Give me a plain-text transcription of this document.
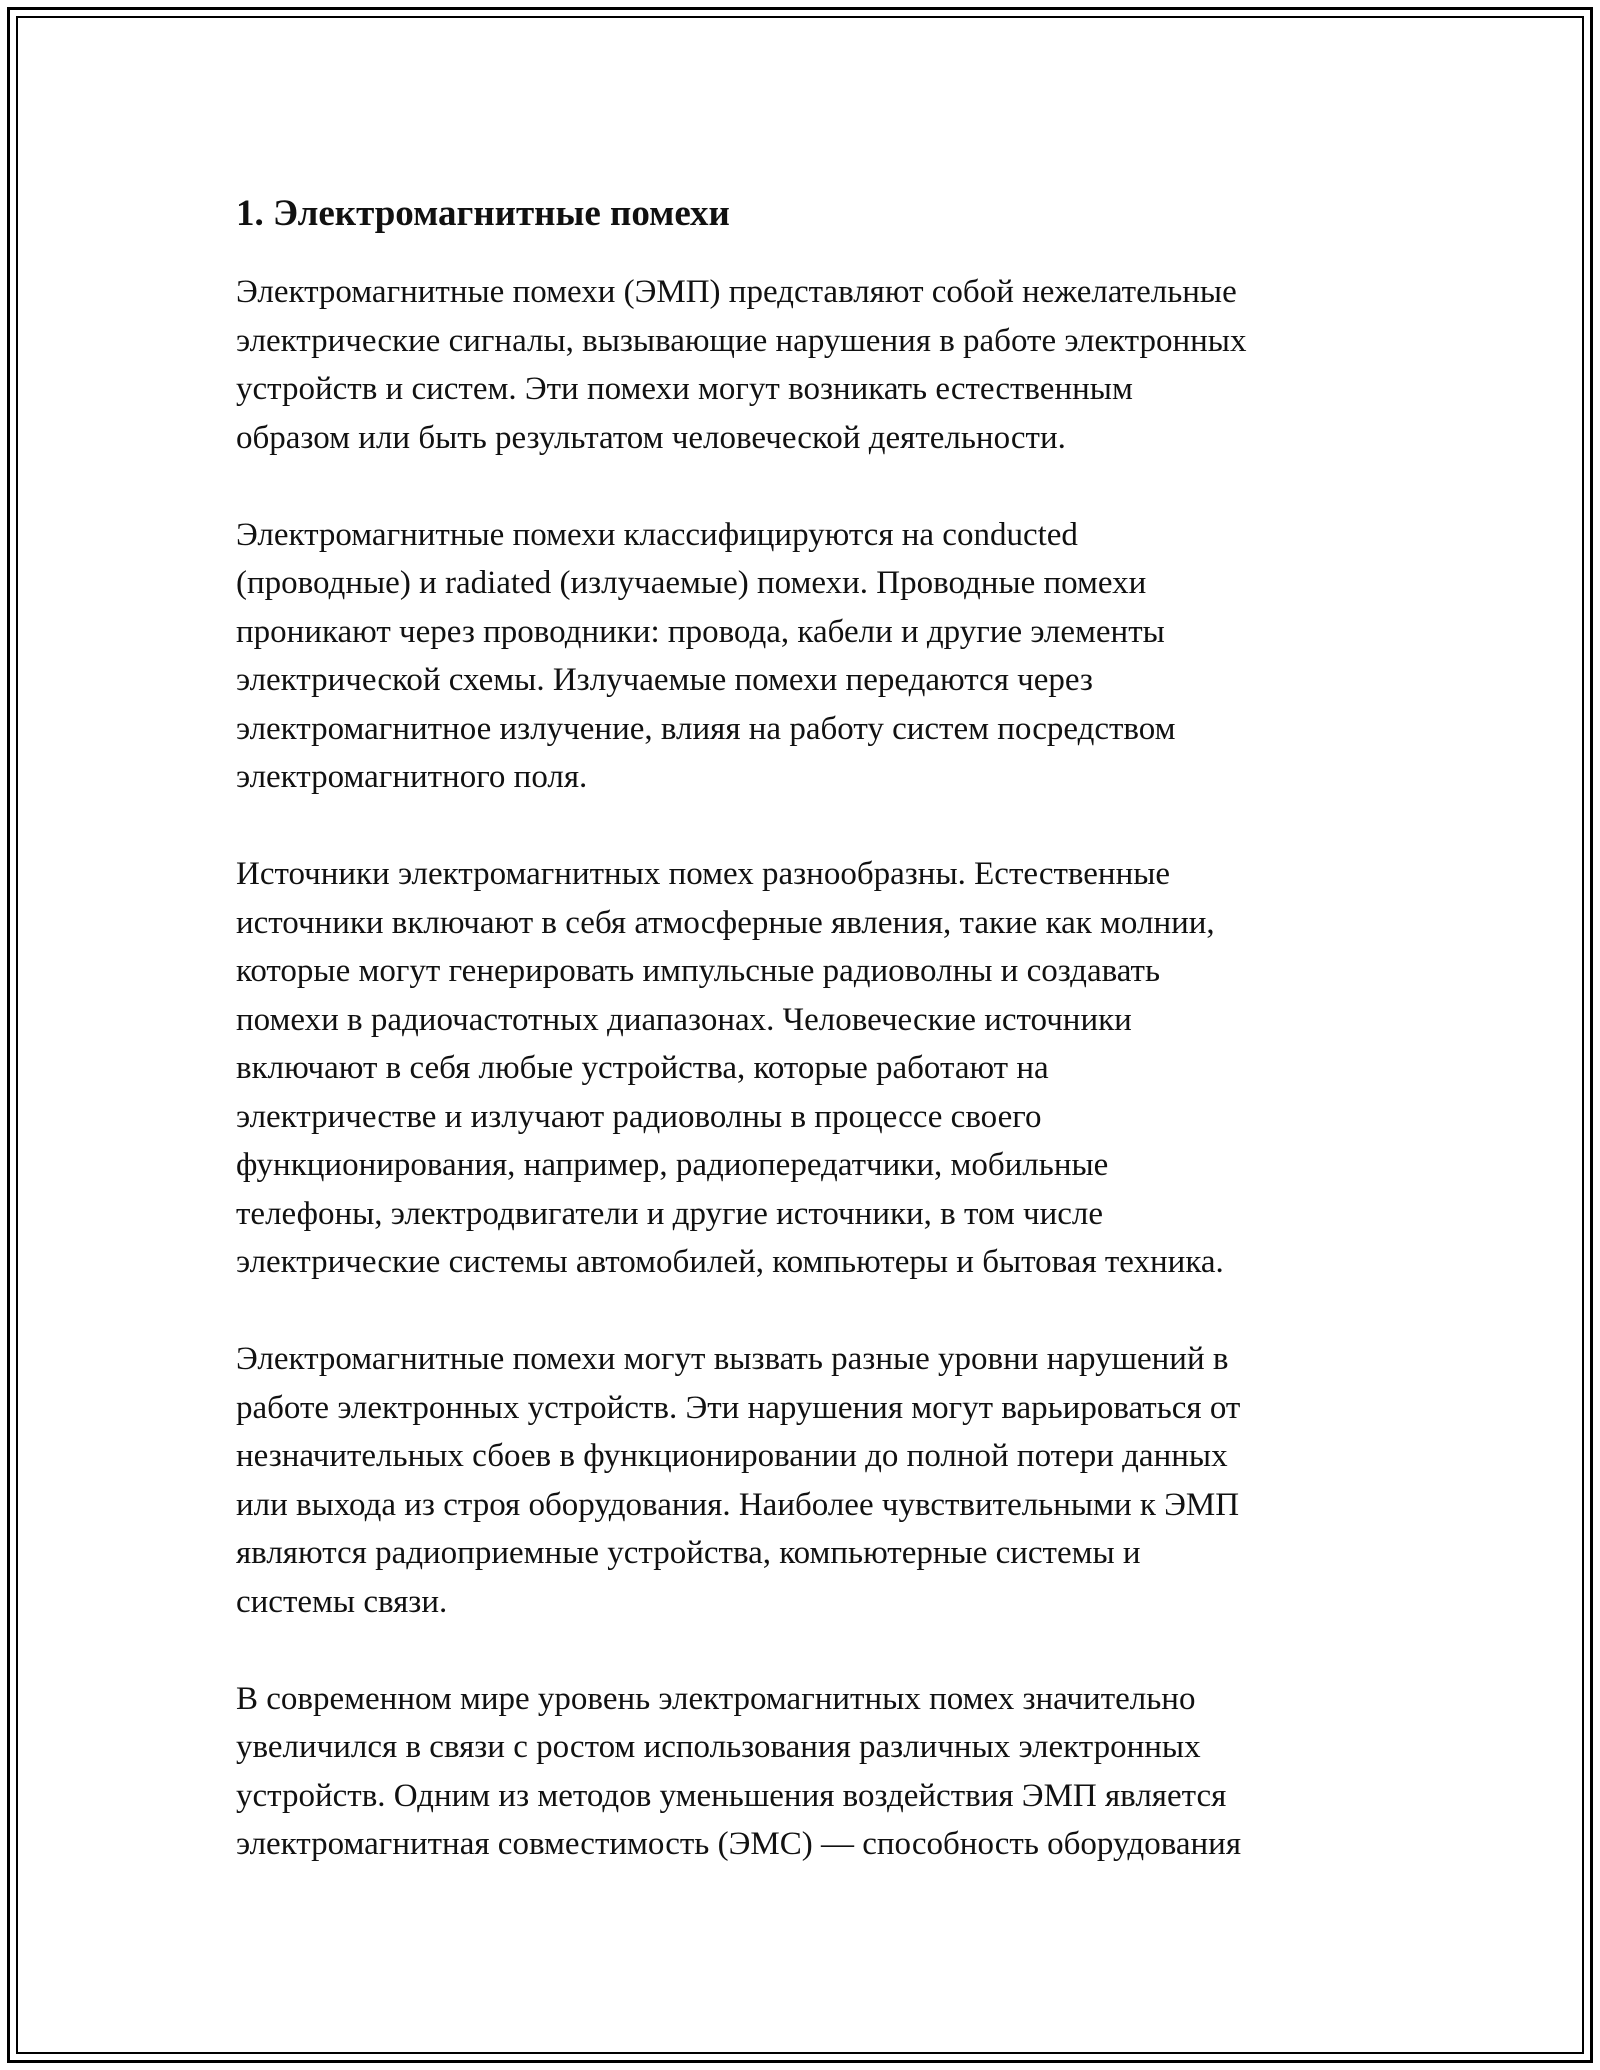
1. Электромагнитные помехи

Электромагнитные помехи (ЭМП) представляют собой нежелательные
электрические сигналы, вызывающие нарушения в работе электронных
устройств и систем. Эти помехи могут возникать естественным
образом или быть результатом человеческой деятельности.

Электромагнитные помехи классифицируются на conducted
(проводные) и radiated (излучаемые) помехи. Проводные помехи
проникают через проводники: провода, кабели и другие элементы
электрической схемы. Излучаемые помехи передаются через
электромагнитное излучение, влияя на работу систем посредством
электромагнитного поля.

Источники электромагнитных помех разнообразны. Естественные
источники включают в себя атмосферные явления, такие как молнии,
которые могут генерировать импульсные радиоволны и создавать
помехи в радиочастотных диапазонах. Человеческие источники
включают в себя любые устройства, которые работают на
электричестве и излучают радиоволны в процессе своего
функционирования, например, радиопередатчики, мобильные
телефоны, электродвигатели и другие источники, в том числе
электрические системы автомобилей, компьютеры и бытовая техника.

Электромагнитные помехи могут вызвать разные уровни нарушений в
работе электронных устройств. Эти нарушения могут варьироваться от
незначительных сбоев в функционировании до полной потери данных
или выхода из строя оборудования. Наиболее чувствительными к ЭМП
являются радиоприемные устройства, компьютерные системы и
системы связи.

В современном мире уровень электромагнитных помех значительно
увеличился в связи с ростом использования различных электронных
устройств. Одним из методов уменьшения воздействия ЭМП является
электромагнитная совместимость (ЭМС) — способность оборудования
